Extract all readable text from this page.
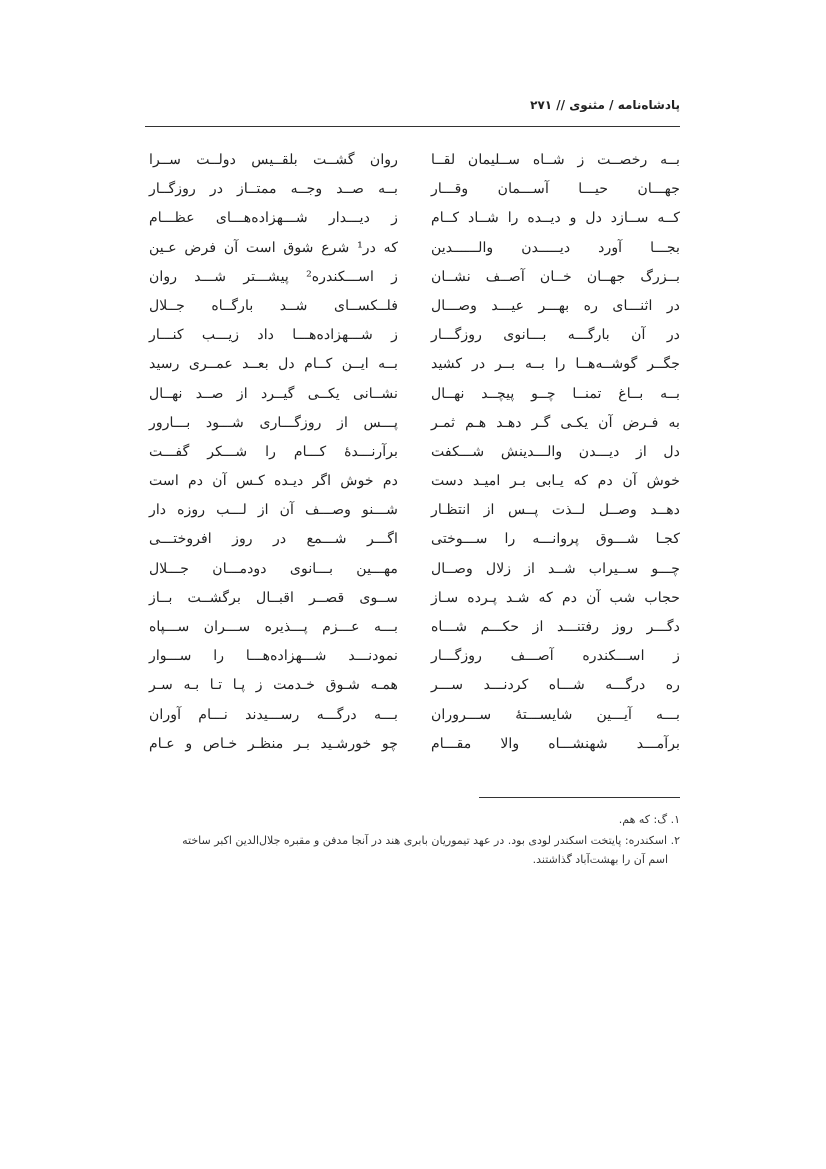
پادشاه‌نامه / مثنوی // ۲۷۱
بــه رخصــت ز شــاه ســلیمان لقــا
روان گشــت بلقــیس دولــت ســرا
جهـــان حیـــا آســـمان وقـــار
بــه صــد وجــه ممتــاز در روزگــار
کــه ســازد دل و دیــده را شــاد کــام
ز دیـــدار شـــهزاده‌هـــای عظـــام
بجـــا آورد دیـــــدن والــــــدین
که در¹ شرع شوق است آن فرض عـین
بــزرگ جهــان خــان آصــف نشــان
ز اســـکندره² پیشـــتر شـــد روان
در اثنـــای ره بهـــر عیـــد وصـــال
فلــکســای شــد بارگــاه جــلال
در آن بارگـــه بـــانوی روزگـــار
ز شـــهزاده‌هـــا داد زیـــب کنـــار
جگــر گوشــه‌هــا را بــه بــر در کشید
بــه ایــن کــام دل بعــد عمــری رسید
بــه بــاغ تمنــا چــو پیچــد نهــال
نشــانی یکــی گیــرد از صــد نهــال
به فـرض آن یکـی گـر دهـد هـم ثمـر
پـــس از روزگـــاری شـــود بـــارور
دل از دیـــدن والـــدینش شـــکفت
برآرنـــدهٔ کـــام را شـــکر گفـــت
خوش آن دم که یـابی بـر امیـد دست
دم خوش اگر دیـده کـس آن دم است
دهــد وصــل لــذت پــس از انتظـار
شـــنو وصـــف آن از لـــب روزه دار
کجـا شـــوق پروانـــه را ســـوختی
اگـــر شـــمع در روز افروختـــی
چـــو ســیراب شــد از زلال وصــال
مهـــین بـــانوی دودمـــان جـــلال
حجاب شب آن دم که شـد پـرده سـاز
ســوی قصــر اقبــال برگشــت بــاز
دگـــر روز رفتنـــد از حکـــم شـــاه
بـــه عـــزم پـــذیره ســـران ســـپاه
ز اســـکندره آصـــف روزگـــار
نمودنـــد شـــهزاده‌هـــا را ســـوار
ره درگـــه شـــاه کردنـــد ســـر
همـه شـوق خـدمت ز پـا تـا بـه سـر
بـــه آیـــین شایســـتهٔ ســـروران
بـــه درگـــه رســـیدند نـــام آوران
برآمـــد شهنشـــاه والا مقـــام
چو خورشـید بـر منظـر خـاص و عـام
۱. گ: که هم.
۲. اسکندره: پایتخت اسکندر لودی بود. در عهد تیموریان بابری هند در آنجا مدفن و مقبره جلال‌الدین اکبر ساخته
اسم آن را بهشت‌آباد گذاشتند.
